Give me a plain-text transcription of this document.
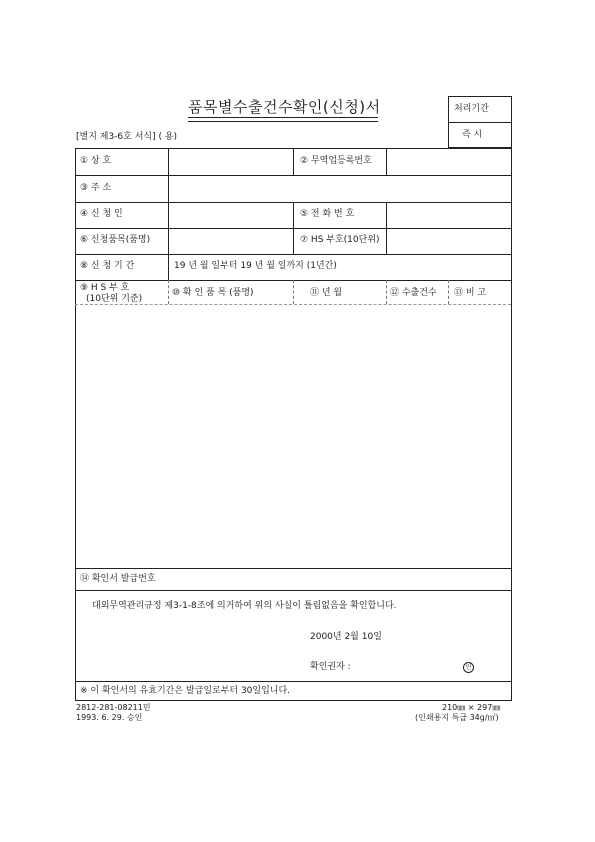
품목별수출건수확인(신청)서
[별지 제3-6호 서식] ( 용)
처리기간
즉 시
① 상 호	② 무역업등록번호
③ 주 소
④ 신 청 인	⑤ 전 화 번 호
⑥ 신청품목(품명)	⑦ HS 부호(10단위)
⑧ 신 청 기 간	19 년 월 일부터 19 년 월 일까지 (1년간)
⑨ H S 부 호
(10단위 기준)
⑩ 확 인 품 목 (품명)	⑪ 년 월	⑫ 수출건수 ⑬ 비 고
⑭ 확인서 발급번호
대외무역관리규정 제3-1-8조에 의거하여 위의 사실이 틀림없음을 확인합니다.
2000년 2월 10일
확인권자 :	인
※ 이 확인서의 유효기간은 발급일로부터 30일입니다.
2812-281-08211민
1993. 6. 29. 승인
210㎜ × 297㎜
(인쇄용지 특급 34g/㎡)
